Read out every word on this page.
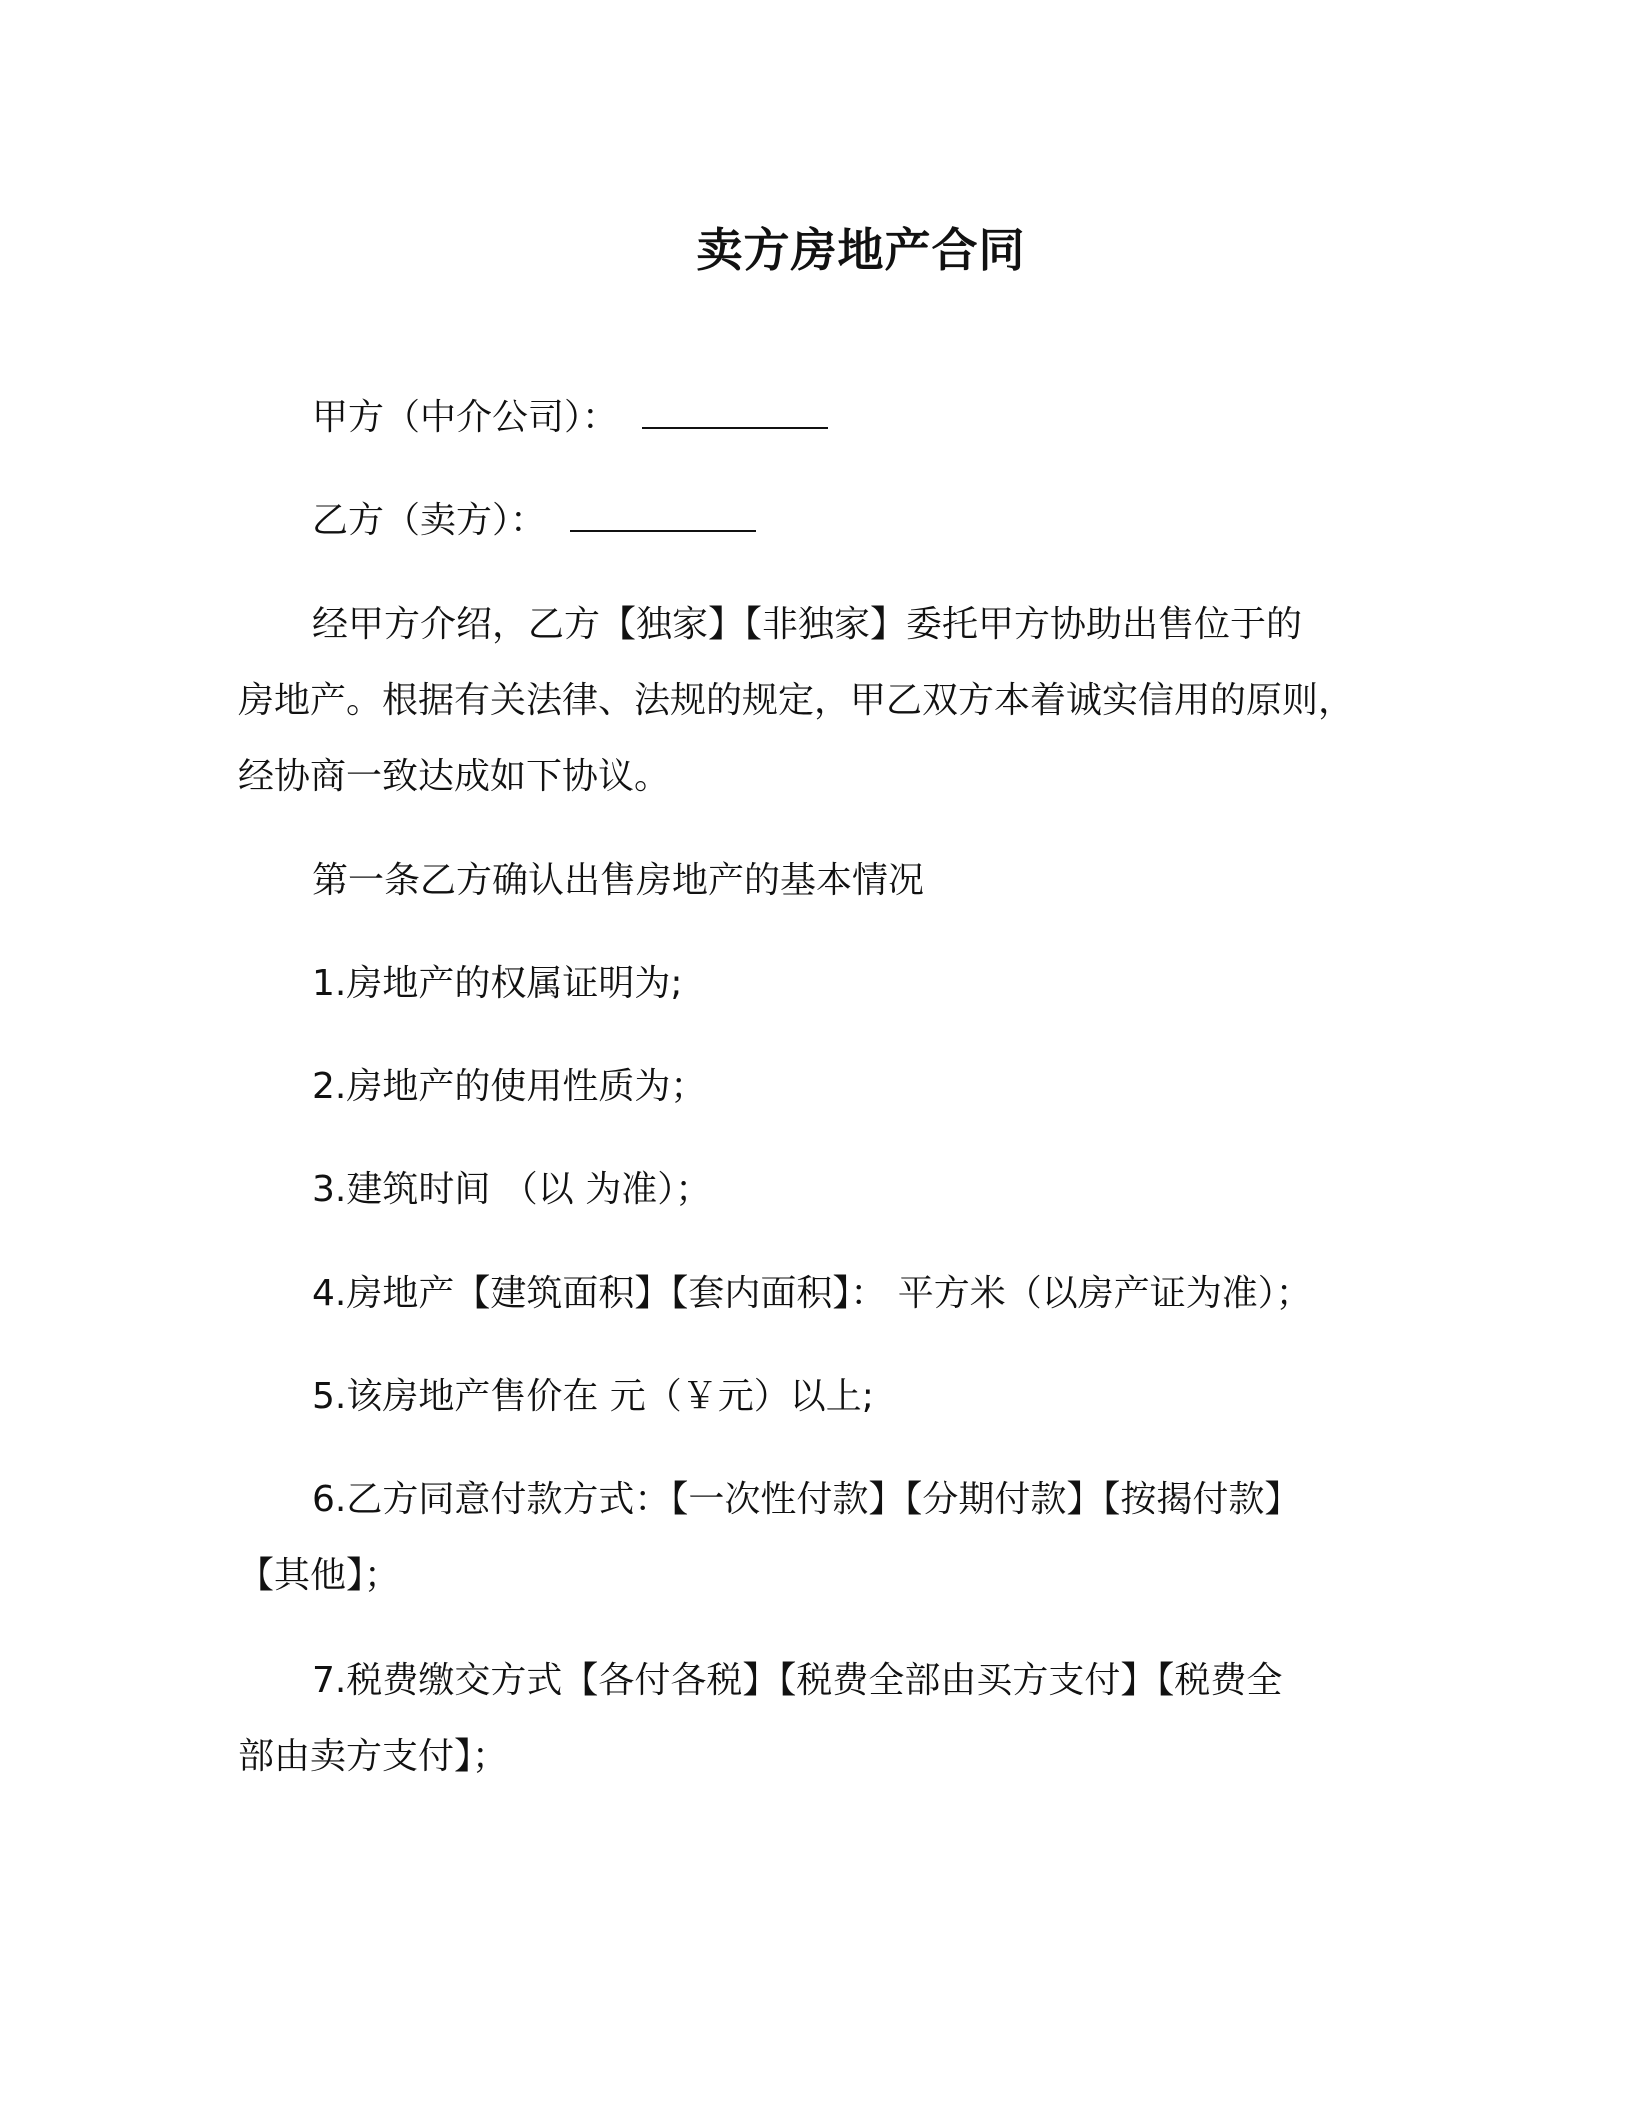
卖方房地产合同

甲方（中介公司）：

乙方（卖方）：

经甲方介绍，乙方【独家】【非独家】委托甲方协助出售位于的

房地产。根据有关法律、法规的规定，甲乙双方本着诚实信用的原则，

经协商一致达成如下协议。

第一条乙方确认出售房地产的基本情况

1.房地产的权属证明为;

2.房地产的使用性质为；

3.建筑时间 （以 为准）；

4.房地产【建筑面积】【套内面积】： 平方米（以房产证为准）；

5.该房地产售价在 元（￥元）以上;

6.乙方同意付款方式：【一次性付款】【分期付款】【按揭付款】

【其他】；

7.税费缴交方式【各付各税】【税费全部由买方支付】【税费全

部由卖方支付】；
